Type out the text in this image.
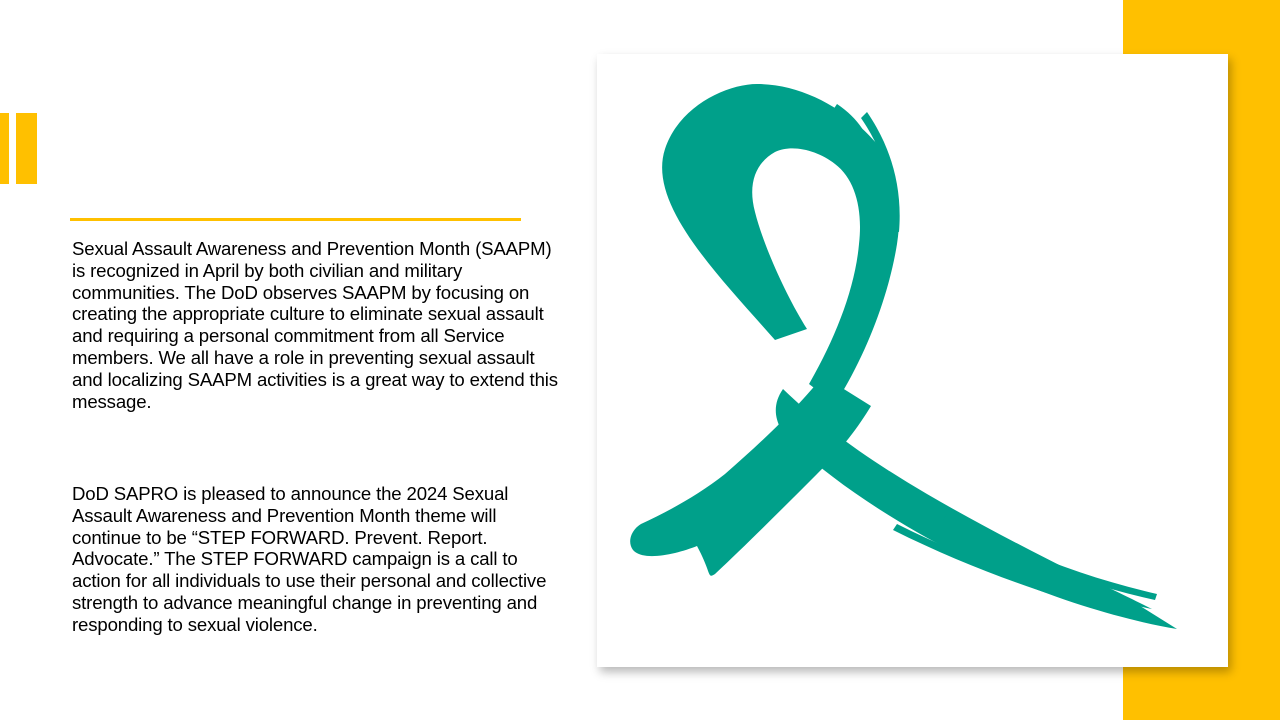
Sexual Assault Awareness and Prevention Month (SAAPM) is recognized in April by both civilian and military communities. The DoD observes SAAPM by focusing on creating the appropriate culture to eliminate sexual assault and requiring a personal commitment from all Service members. We all have a role in preventing sexual assault and localizing SAAPM activities is a great way to extend this message.
DoD SAPRO is pleased to announce the 2024 Sexual Assault Awareness and Prevention Month theme will continue to be “STEP FORWARD. Prevent. Report. Advocate.” The STEP FORWARD campaign is a call to action for all individuals to use their personal and collective strength to advance meaningful change in preventing and responding to sexual violence.
